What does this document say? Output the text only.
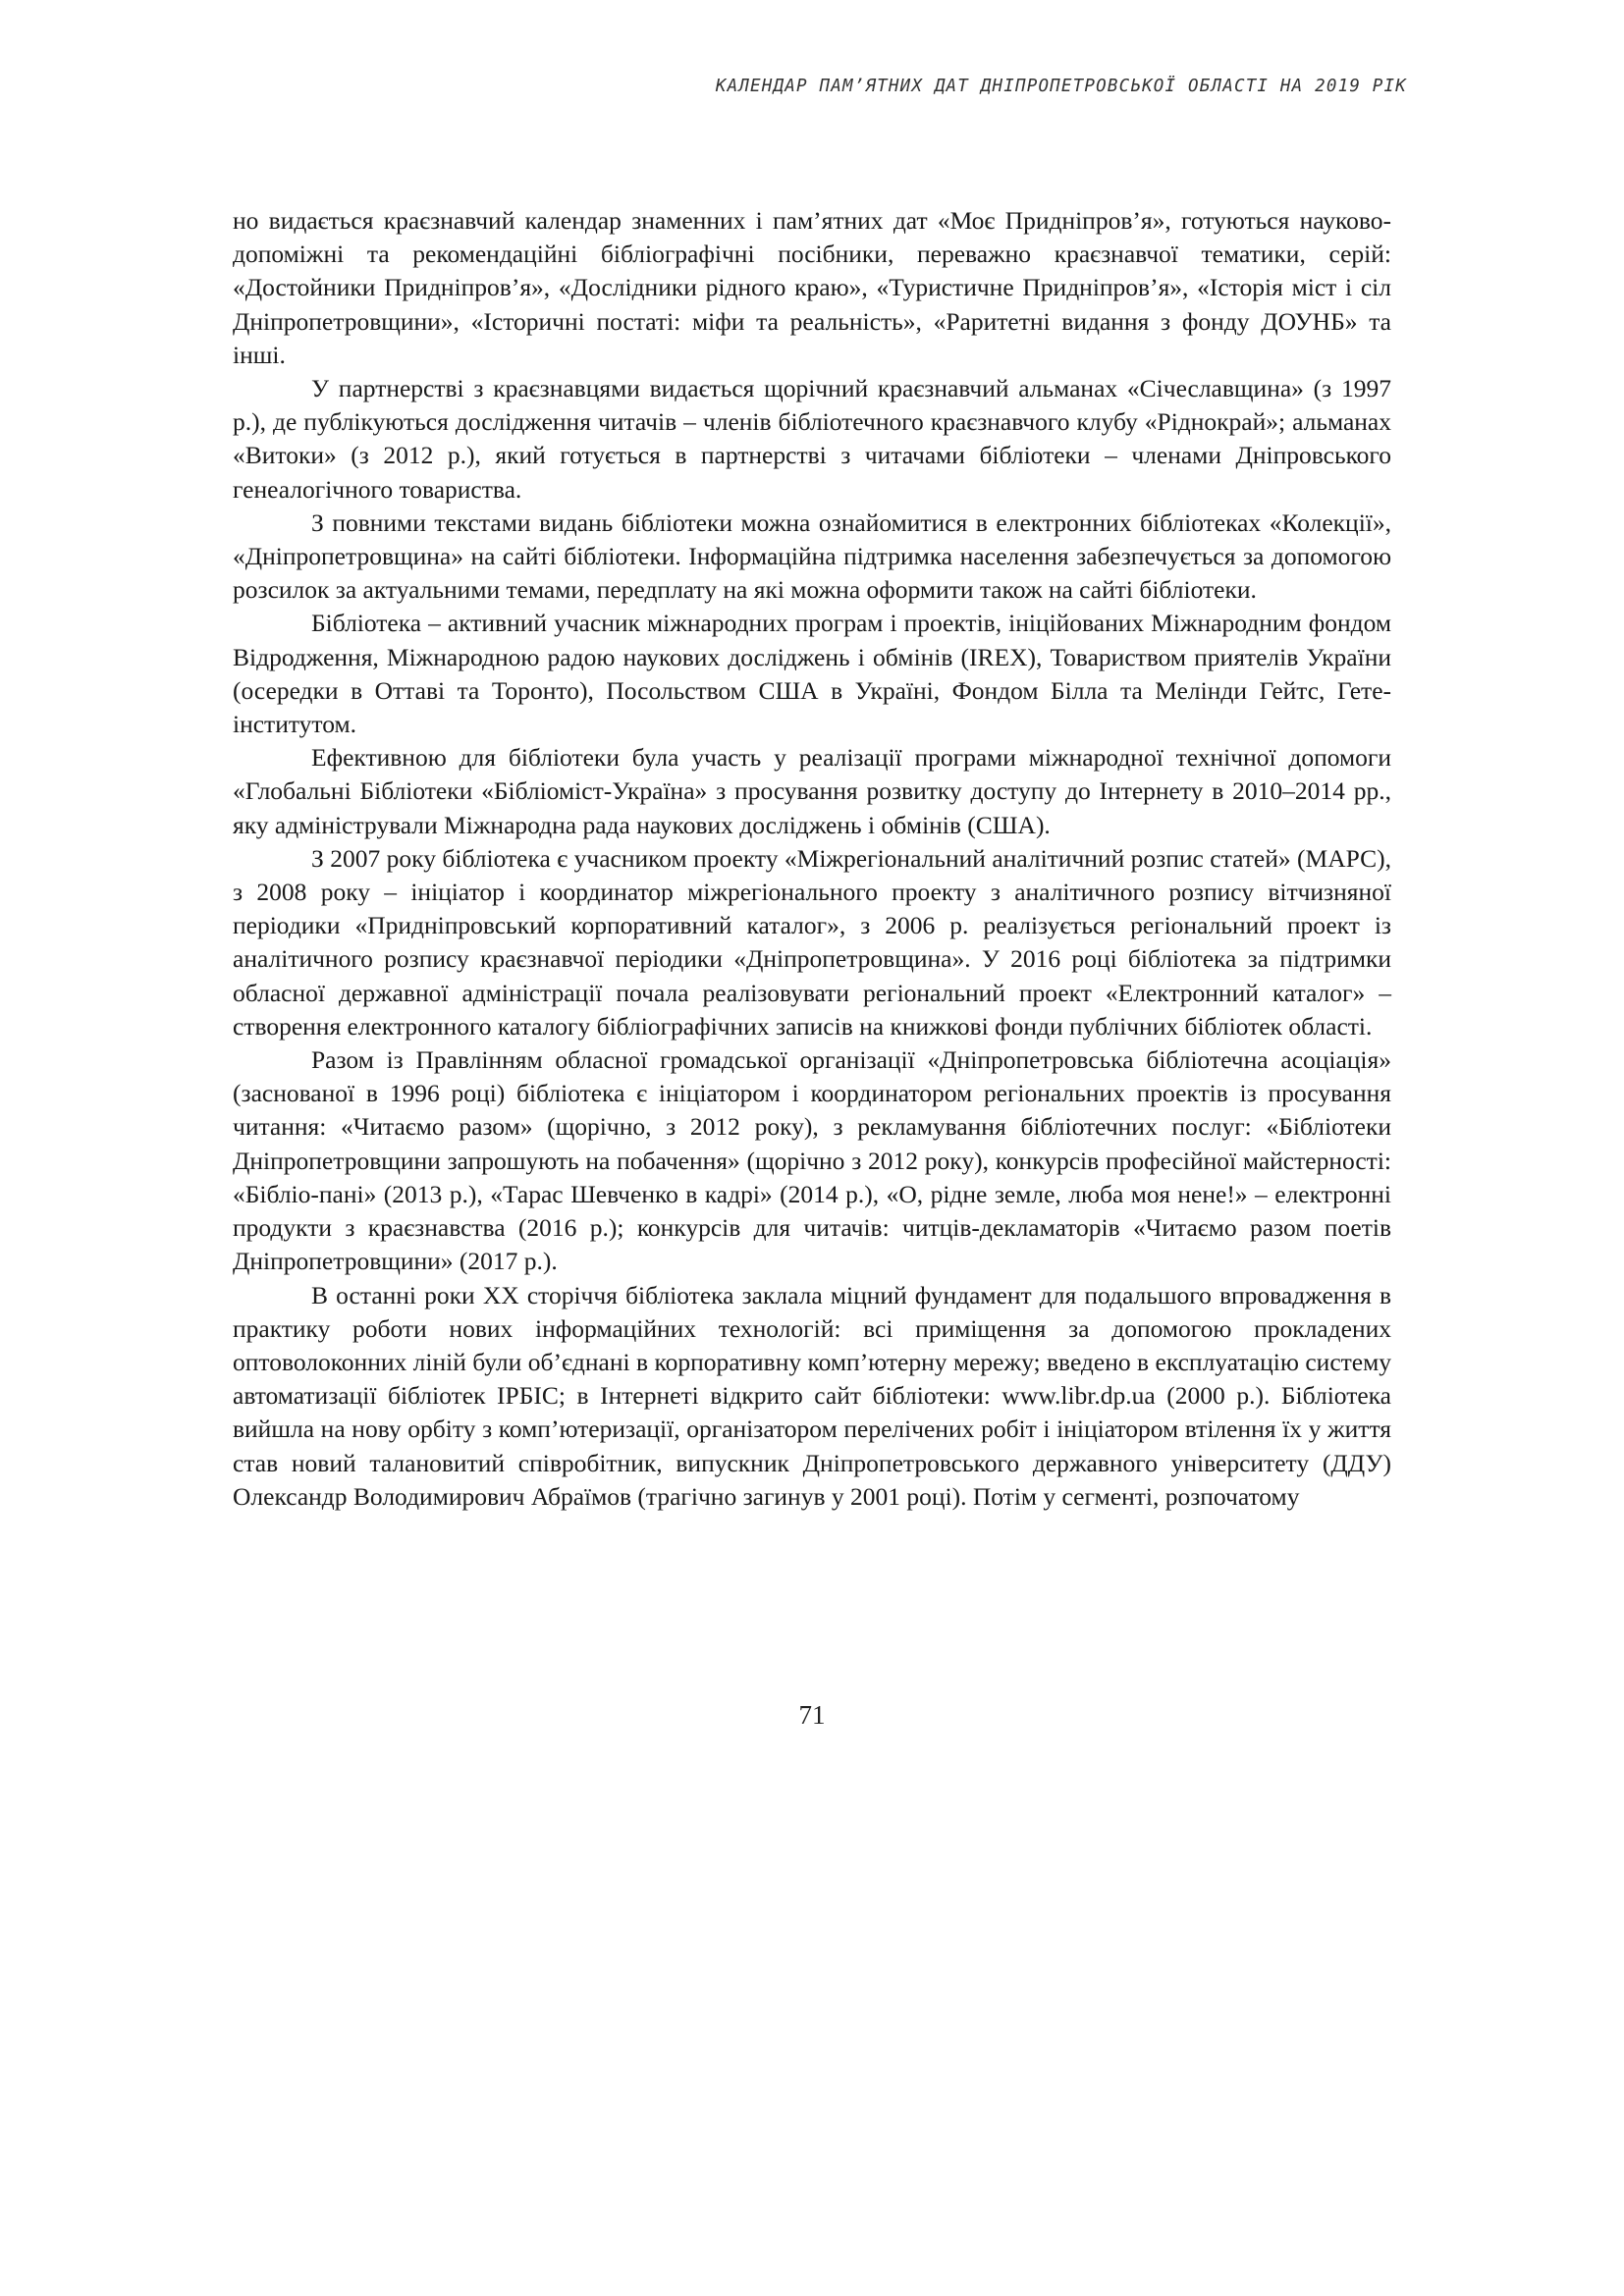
КАЛЕНДАР ПАМ’ЯТНИХ ДАТ ДНІПРОПЕТРОВСЬКОЇ ОБЛАСТІ НА 2019 РІК

но видається краєзнавчий календар знаменних і пам’ятних дат «Моє Придніпров’я», готуються науково-допоміжні та рекомендаційні бібліографічні посібники, переважно краєзнавчої тематики, серій: «Достойники Придніпров’я», «Дослідники рідного краю», «Туристичне Придніпров’я», «Історія міст і сіл Дніпропетровщини», «Історичні постаті: міфи та реальність», «Раритетні видання з фонду ДОУНБ» та інші.

У партнерстві з краєзнавцями видається щорічний краєзнавчий альманах «Січеславщина» (з 1997 р.), де публікуються дослідження читачів – членів бібліотечного краєзнавчого клубу «Ріднокрай»; альманах «Витоки» (з 2012 р.), який готується в партнерстві з читачами бібліотеки – членами Дніпровського генеалогічного товариства.

З повними текстами видань бібліотеки можна ознайомитися в електронних бібліотеках «Колекції», «Дніпропетровщина» на сайті бібліотеки. Інформаційна підтримка населення забезпечується за допомогою розсилок за актуальними темами, передплату на які можна оформити також на сайті бібліотеки.

Бібліотека – активний учасник міжнародних програм і проектів, ініційованих Міжнародним фондом Відродження, Міжнародною радою наукових досліджень і обмінів (IREX), Товариством приятелів України (осередки в Оттаві та Торонто), Посольством США в Україні, Фондом Білла та Мелінди Гейтс, Гете-інститутом.

Ефективною для бібліотеки була участь у реалізації програми міжнародної технічної допомоги «Глобальні Бібліотеки «Бібліоміст-Україна» з просування розвитку доступу до Інтернету в 2010–2014 рр., яку адміністрували Міжнародна рада наукових досліджень і обмінів (США).

З 2007 року бібліотека є учасником проекту «Міжрегіональний аналітичний розпис статей» (МАРС), з 2008 року – ініціатор і координатор міжрегіонального проекту з аналітичного розпису вітчизняної періодики «Придніпровський корпоративний каталог», з 2006 р. реалізується регіональний проект із аналітичного розпису краєзнавчої періодики «Дніпропетровщина». У 2016 році бібліотека за підтримки обласної державної адміністрації почала реалізовувати регіональний проект «Електронний каталог» – створення електронного каталогу бібліографічних записів на книжкові фонди публічних бібліотек області.

Разом із Правлінням обласної громадської організації «Дніпропетровська бібліотечна асоціація» (заснованої в 1996 році) бібліотека є ініціатором і координатором регіональних проектів із просування читання: «Читаємо разом» (щорічно, з 2012 року), з рекламування бібліотечних послуг: «Бібліотеки Дніпропетровщини запрошують на побачення» (щорічно з 2012 року), конкурсів професійної майстерності: «Бібліо-пані» (2013 р.), «Тарас Шевченко в кадрі» (2014 р.), «О, рідне земле, люба моя нене!» – електронні продукти з краєзнавства (2016 р.); конкурсів для читачів: читців-декламаторів «Читаємо разом поетів Дніпропетровщини» (2017 р.).

В останні роки ХХ сторіччя бібліотека заклала міцний фундамент для подальшого впровадження в практику роботи нових інформаційних технологій: всі приміщення за допомогою прокладених оптоволоконних ліній були об’єднані в корпоративну комп’ютерну мережу; введено в експлуатацію систему автоматизації бібліотек ІРБІС; в Інтернеті відкрито сайт бібліотеки: www.libr.dp.ua (2000 р.). Бібліотека вийшла на нову орбіту з комп’ютеризації, організатором перелічених робіт і ініціатором втілення їх у життя став новий талановитий співробітник, випускник Дніпропетровського державного університету (ДДУ) Олександр Володимирович Абраїмов (трагічно загинув у 2001 році). Потім у сегменті, розпочатому

71
